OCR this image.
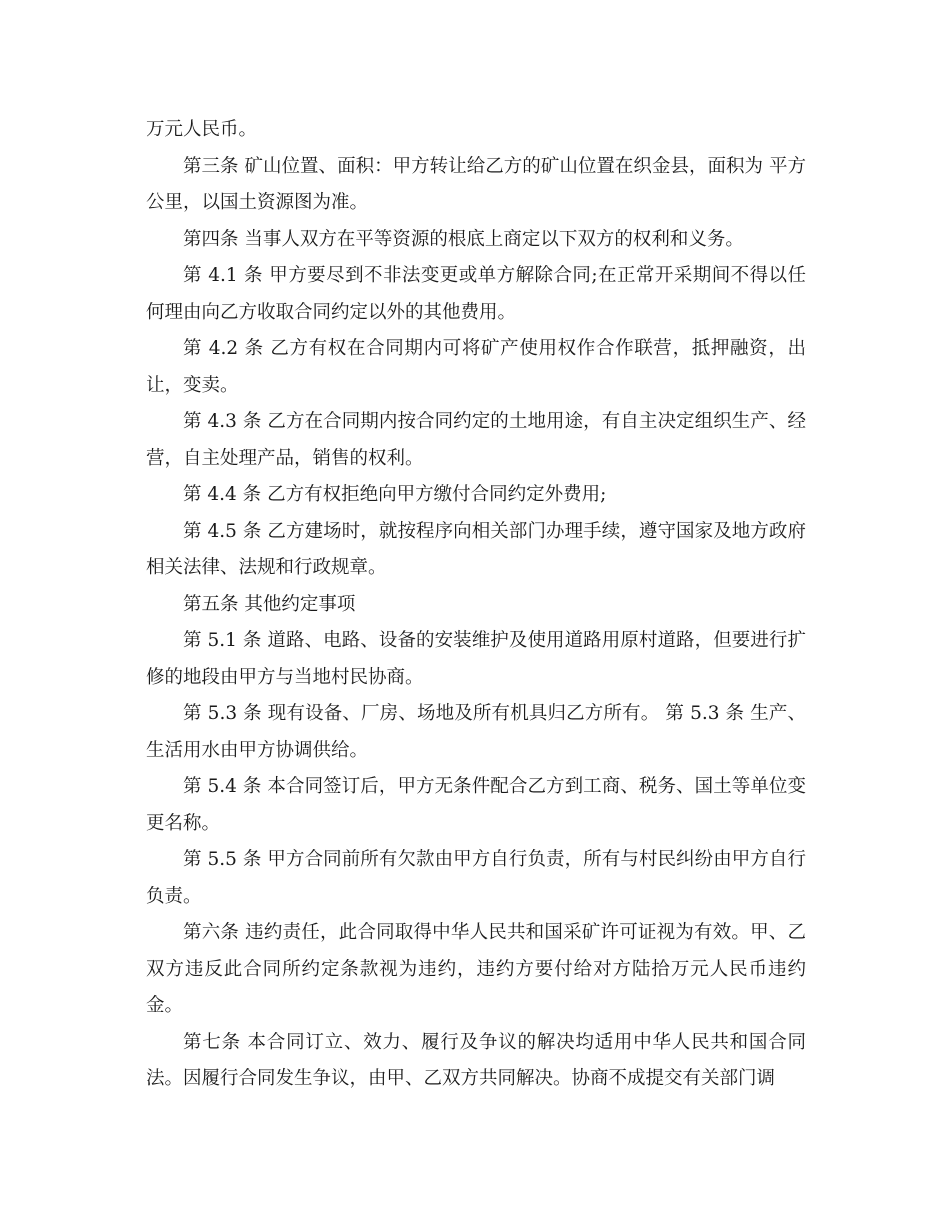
万元人民币。

第三条 矿山位置、面积：甲方转让给乙方的矿山位置在织金县，面积为 平方公里，以国土资源图为准。

第四条 当事人双方在平等资源的根底上商定以下双方的权利和义务。

第 4.1 条 甲方要尽到不非法变更或单方解除合同;在正常开采期间不得以任何理由向乙方收取合同约定以外的其他费用。

第 4.2 条 乙方有权在合同期内可将矿产使用权作合作联营，抵押融资，出让，变卖。

第 4.3 条 乙方在合同期内按合同约定的土地用途，有自主决定组织生产、经营，自主处理产品，销售的权利。

第 4.4 条 乙方有权拒绝向甲方缴付合同约定外费用;

第 4.5 条 乙方建场时，就按程序向相关部门办理手续，遵守国家及地方政府相关法律、法规和行政规章。

第五条 其他约定事项

第 5.1 条 道路、电路、设备的安装维护及使用道路用原村道路，但要进行扩修的地段由甲方与当地村民协商。

第 5.3 条 现有设备、厂房、场地及所有机具归乙方所有。 第 5.3 条 生产、生活用水由甲方协调供给。

第 5.4 条 本合同签订后，甲方无条件配合乙方到工商、税务、国土等单位变更名称。

第 5.5 条 甲方合同前所有欠款由甲方自行负责，所有与村民纠纷由甲方自行负责。

第六条 违约责任，此合同取得中华人民共和国采矿许可证视为有效。甲、乙双方违反此合同所约定条款视为违约，违约方要付给对方陆拾万元人民币违约金。

第七条 本合同订立、效力、履行及争议的解决均适用中华人民共和国合同法。因履行合同发生争议，由甲、乙双方共同解决。协商不成提交有关部门调
